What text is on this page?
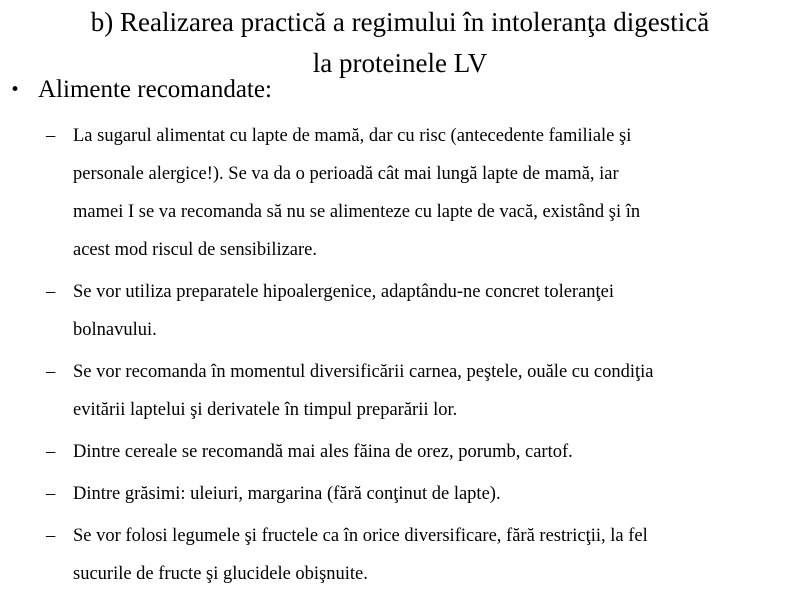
b) Realizarea practică a regimului în intoleranţa digestică
la proteinele LV
• Alimente recomandate:
– La sugarul alimentat cu lapte de mamă, dar cu risc (antecedente familiale şi
personale alergice!). Se va da o perioadă cât mai lungă lapte de mamă, iar
mamei I se va recomanda să nu se alimenteze cu lapte de vacă, existând şi în
acest mod riscul de sensibilizare.
– Se vor utiliza preparatele hipoalergenice, adaptându-ne concret toleranţei
bolnavului.
– Se vor recomanda în momentul diversificării carnea, peştele, ouăle cu condiţia
evitării laptelui şi derivatele în timpul preparării lor.
– Dintre cereale se recomandă mai ales făina de orez, porumb, cartof.
– Dintre grăsimi: uleiuri, margarina (fără conţinut de lapte).
– Se vor folosi legumele şi fructele ca în orice diversificare, fără restricţii, la fel
sucurile de fructe şi glucidele obişnuite.
